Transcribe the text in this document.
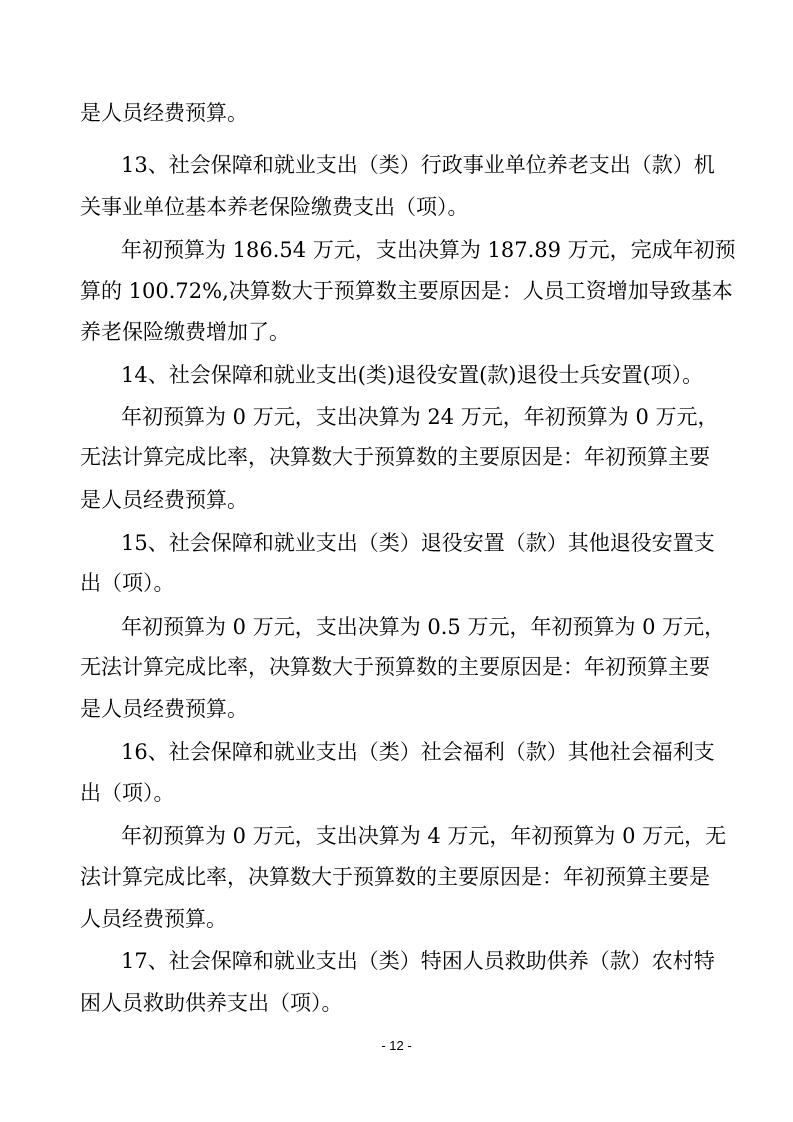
是人员经费预算。
13、社会保障和就业支出（类）行政事业单位养老支出（款）机
关事业单位基本养老保险缴费支出（项）。
年初预算为 186.54 万元，支出决算为 187.89 万元，完成年初预
算的 100.72%,决算数大于预算数主要原因是：人员工资增加导致基本
养老保险缴费增加了。
14、社会保障和就业支出(类)退役安置(款)退役士兵安置(项）。
年初预算为 0 万元，支出决算为 24 万元，年初预算为 0 万元，
无法计算完成比率，决算数大于预算数的主要原因是：年初预算主要
是人员经费预算。
15、社会保障和就业支出（类）退役安置（款）其他退役安置支
出（项）。
年初预算为 0 万元，支出决算为 0.5 万元，年初预算为 0 万元，
无法计算完成比率，决算数大于预算数的主要原因是：年初预算主要
是人员经费预算。
16、社会保障和就业支出（类）社会福利（款）其他社会福利支
出（项）。
年初预算为 0 万元，支出决算为 4 万元，年初预算为 0 万元，无
法计算完成比率，决算数大于预算数的主要原因是：年初预算主要是
人员经费预算。
17、社会保障和就业支出（类）特困人员救助供养（款）农村特
困人员救助供养支出（项）。
- 12 -
